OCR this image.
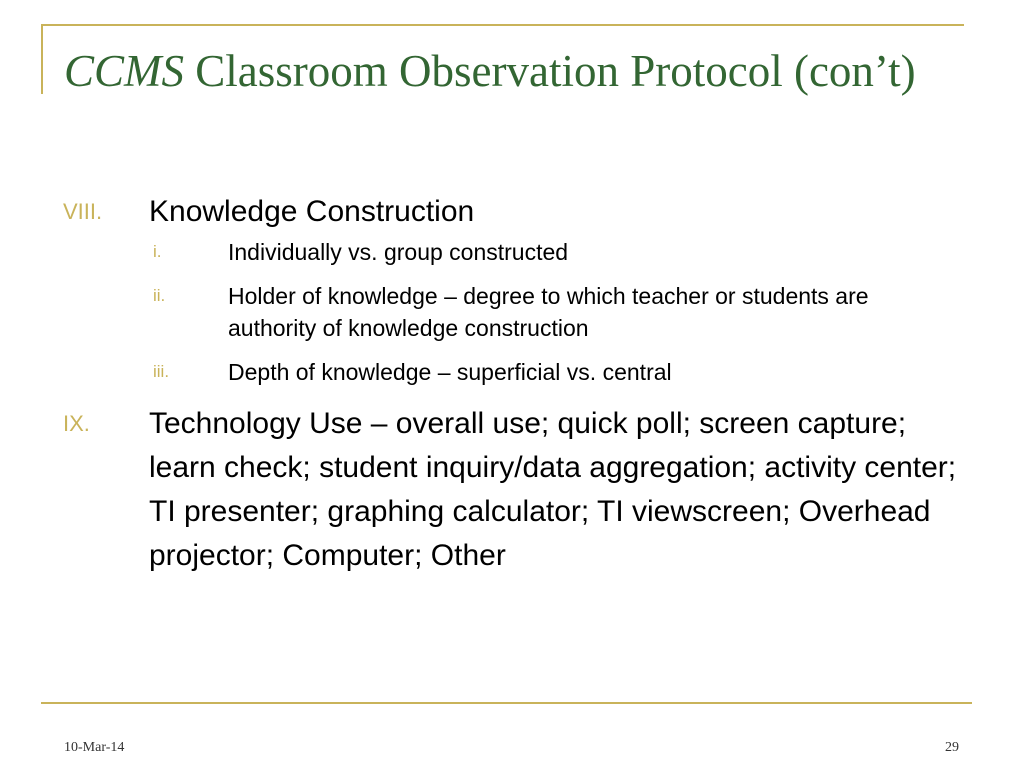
CCMS Classroom Observation Protocol (con’t)
VIII. Knowledge Construction
i.	Individually vs. group constructed
ii.	Holder of knowledge – degree to which teacher or students are authority of knowledge construction
iii.	Depth of knowledge – superficial vs. central
IX. Technology Use – overall use; quick poll; screen capture; learn check; student inquiry/data aggregation; activity center; TI presenter; graphing calculator; TI viewscreen; Overhead projector; Computer; Other
10-Mar-14	29
